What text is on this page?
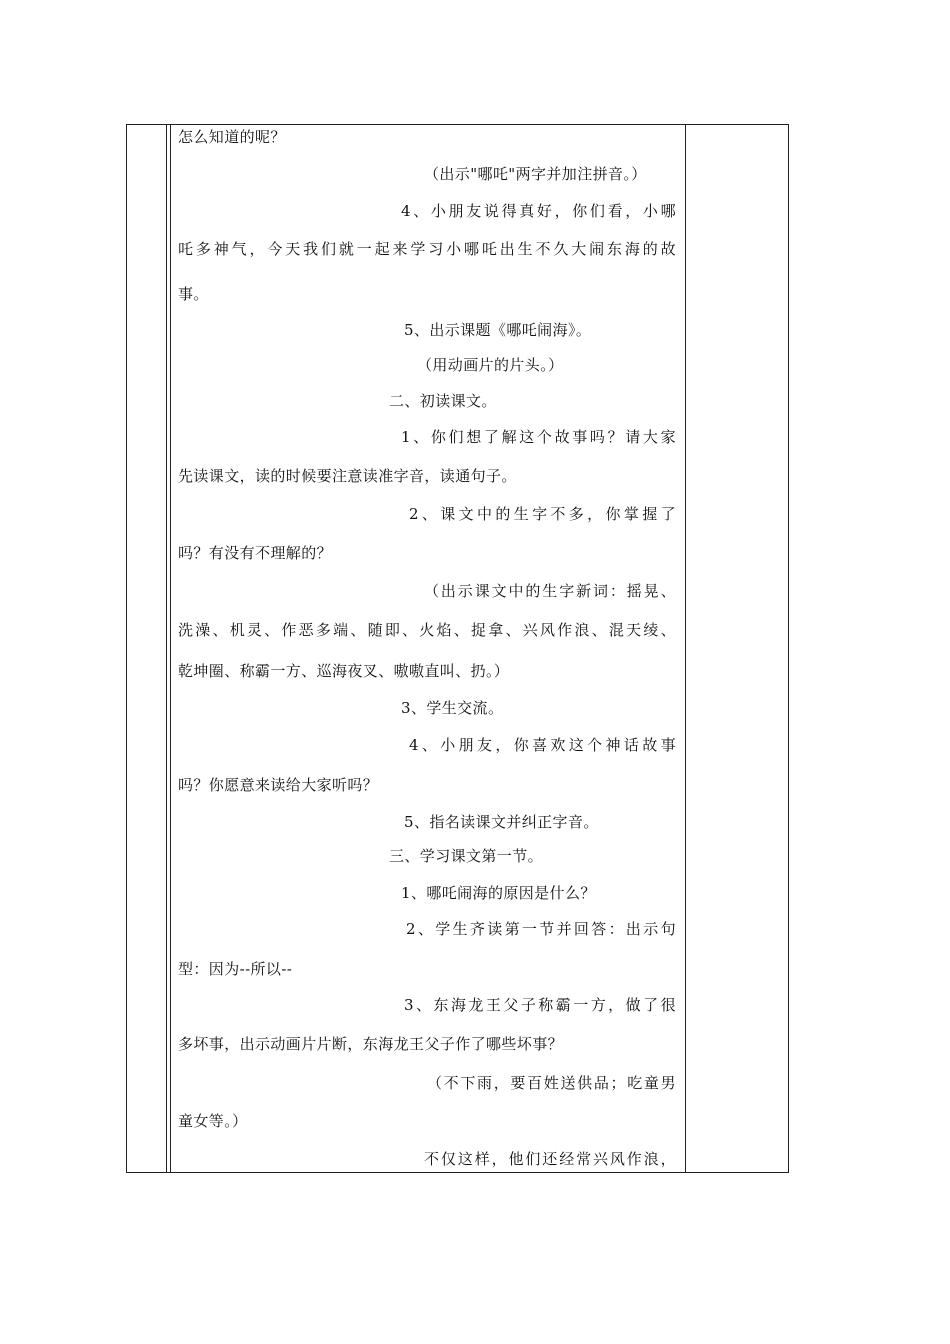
怎么知道的呢？
（出示"哪吒"两字并加注拼音。）
4、小朋友说得真好，你们看，小哪
吒多神气，今天我们就一起来学习小哪吒出生不久大闹东海的故
事。
5、出示课题《哪吒闹海》。
（用动画片的片头。）
二、初读课文。
1、你们想了解这个故事吗？请大家
先读课文，读的时候要注意读准字音，读通句子。
2、课文中的生字不多，你掌握了
吗？有没有不理解的？
（出示课文中的生字新词：摇晃、
洗澡、机灵、作恶多端、随即、火焰、捉拿、兴风作浪、混天绫、
乾坤圈、称霸一方、巡海夜叉、嗷嗷直叫、扔。）
3、学生交流。
4、小朋友，你喜欢这个神话故事
吗？你愿意来读给大家听吗？
5、指名读课文并纠正字音。
三、学习课文第一节。
1、哪吒闹海的原因是什么？
2、学生齐读第一节并回答：出示句
型：因为--所以--
3、东海龙王父子称霸一方，做了很
多坏事，出示动画片片断，东海龙王父子作了哪些坏事？
（不下雨，要百姓送供品；吃童男
童女等。）
不仅这样，他们还经常兴风作浪，
